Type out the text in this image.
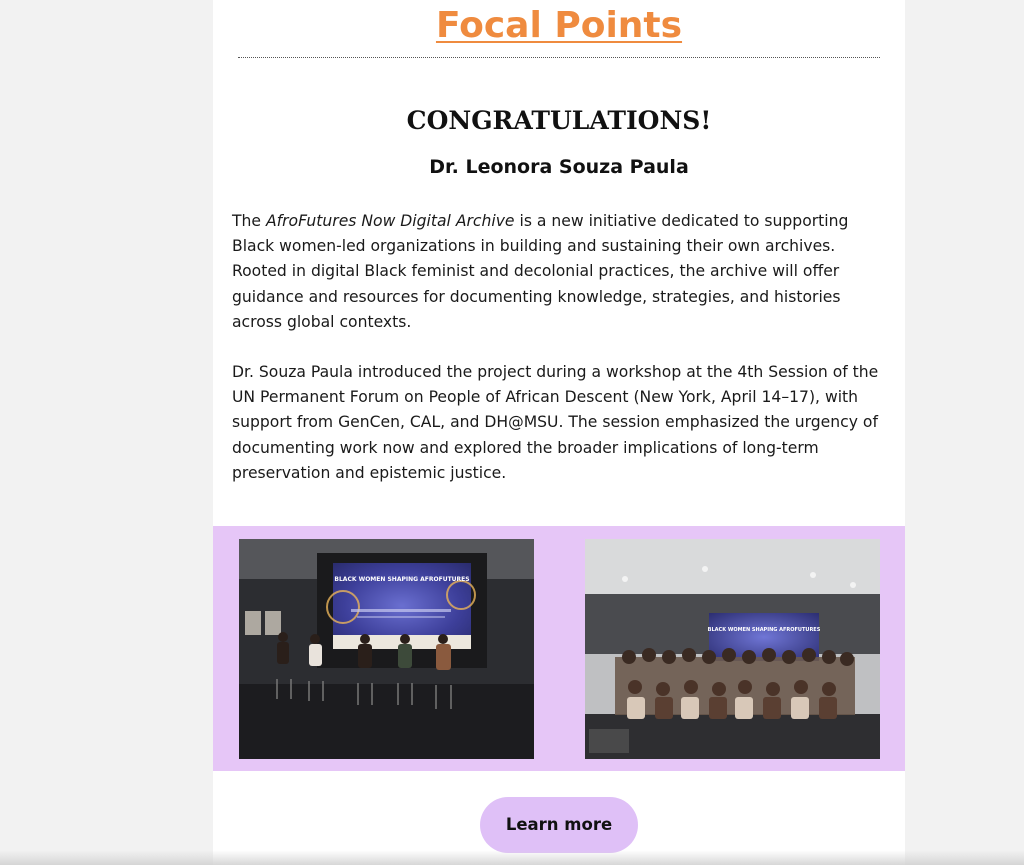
Focal Points
CONGRATULATIONS!
Dr. Leonora Souza Paula

The AfroFutures Now Digital Archive is a new initiative dedicated to supporting Black women-led organizations in building and sustaining their own archives. Rooted in digital Black feminist and decolonial practices, the archive will offer guidance and resources for documenting knowledge, strategies, and histories across global contexts.

Dr. Souza Paula introduced the project during a workshop at the 4th Session of the UN Permanent Forum on People of African Descent (New York, April 14–17), with support from GenCen, CAL, and DH@MSU. The session emphasized the urgency of documenting work now and explored the broader implications of long-term preservation and epistemic justice.

BLACK WOMEN SHAPING AFROFUTURES
BLACK WOMEN SHAPING AFROFUTURES
Learn more
